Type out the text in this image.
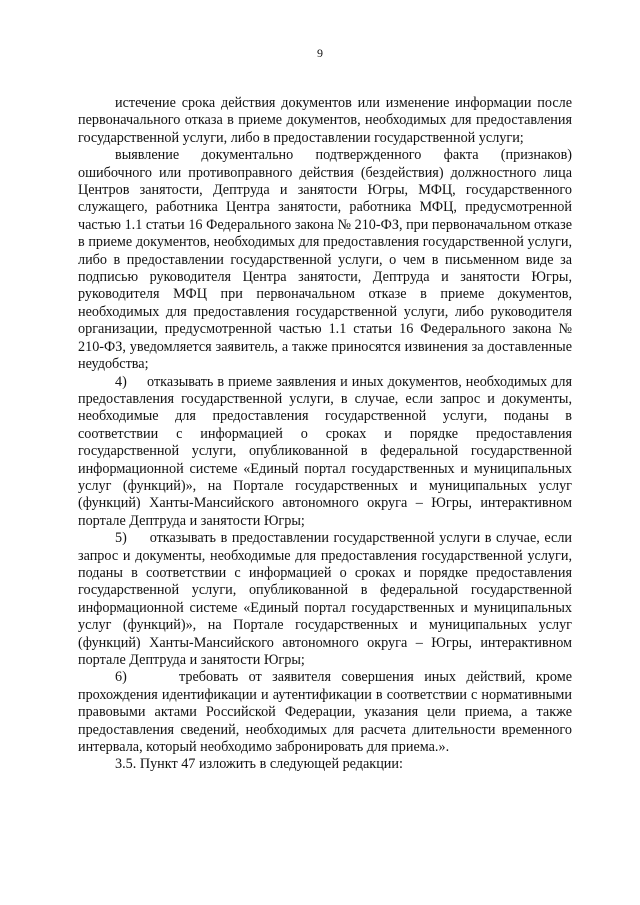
9

истечение срока действия документов или изменение информации после первоначального отказа в приеме документов, необходимых для предоставления государственной услуги, либо в предоставлении государственной услуги;

выявление документально подтвержденного факта (признаков) ошибочного или противоправного действия (бездействия) должностного лица Центров занятости, Дептруда и занятости Югры, МФЦ, государственного служащего, работника Центра занятости, работника МФЦ, предусмотренной частью 1.1 статьи 16 Федерального закона № 210-ФЗ, при первоначальном отказе в приеме документов, необходимых для предоставления государственной услуги, либо в предоставлении государственной услуги, о чем в письменном виде за подписью руководителя Центра занятости, Дептруда и занятости Югры, руководителя МФЦ при первоначальном отказе в приеме документов, необходимых для предоставления государственной услуги, либо руководителя организации, предусмотренной частью 1.1 статьи 16 Федерального закона № 210-ФЗ, уведомляется заявитель, а также приносятся извинения за доставленные неудобства;

4)     отказывать в приеме заявления и иных документов, необходимых для предоставления государственной услуги, в случае, если запрос и документы, необходимые для предоставления государственной услуги, поданы в соответствии с информацией о сроках и порядке предоставления государственной услуги, опубликованной в федеральной государственной информационной системе «Единый портал государственных и муниципальных услуг (функций)», на Портале государственных и муниципальных услуг (функций) Ханты-Мансийского автономного округа – Югры, интерактивном портале Дептруда и занятости Югры;

5)     отказывать в предоставлении государственной услуги в случае, если запрос и документы, необходимые для предоставления государственной услуги, поданы в соответствии с информацией о сроках и порядке предоставления государственной услуги, опубликованной в федеральной государственной информационной системе «Единый портал государственных и муниципальных услуг (функций)», на Портале государственных и муниципальных услуг (функций) Ханты-Мансийского автономного округа – Югры, интерактивном портале Дептруда и занятости Югры;

6)     требовать от заявителя совершения иных действий, кроме прохождения идентификации и аутентификации в соответствии с нормативными правовыми актами Российской Федерации, указания цели приема, а также предоставления сведений, необходимых для расчета длительности временного интервала, который необходимо забронировать для приема.».

3.5. Пункт 47 изложить в следующей редакции:
